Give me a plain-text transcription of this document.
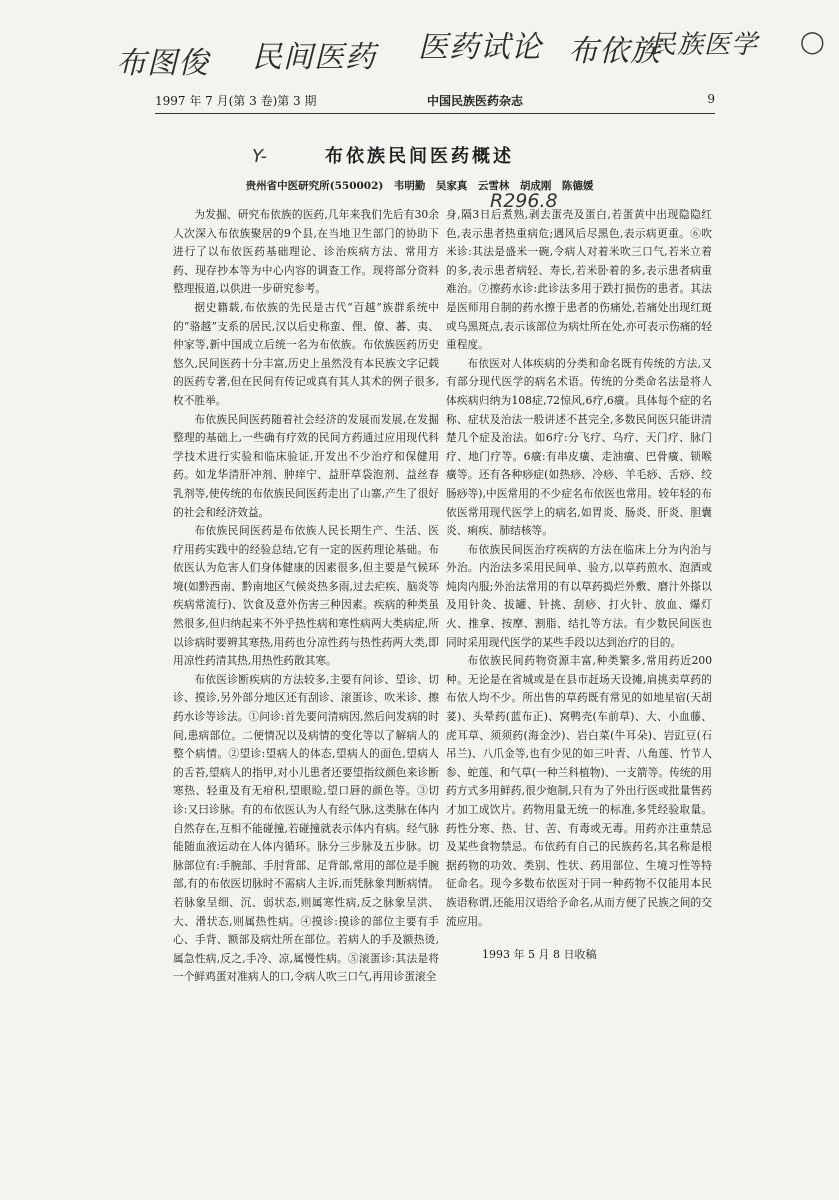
布图俊 民间医药 医药试论 布依族
民族医学 ◯
1997 年 7 月(第 3 卷)第 3 期	中国民族医药杂志	9
Y-	布依族民间医药概述
贵州省中医研究所(550002)　韦明勤　吴家真　云雪林　胡成刚　陈德媛
R296.8

为发掘、研究布依族的医药,几年来我们先后有30余人次深入布依族聚居的9个县,在当地卫生部门的协助下进行了以布依医药基础理论、诊治疾病方法、常用方药、现存抄本等为中心内容的调查工作。现将部分资料整理报道,以供进一步研究参考。

据史籍载,布依族的先民是古代“百越”族群系统中的“骆越”支系的居民,汉以后史称蛮、俚、僚、蕃、夷、仲家等,新中国成立后统一名为布依族。布依族医药历史悠久,民间医药十分丰富,历史上虽然没有本民族文字记载的医药专著,但在民间有传记或真有其人其术的例子很多,枚不胜举。

布依族民间医药随着社会经济的发展而发展,在发掘整理的基础上,一些确有疗效的民间方药通过应用现代科学技术进行实验和临床验证,开发出不少治疗和保健用药。如龙华清肝冲剂、肿痒宁、益肝草袋泡剂、益丝春乳剂等,使传统的布依族民间医药走出了山寨,产生了很好的社会和经济效益。

布依族民间医药是布依族人民长期生产、生活、医疗用药实践中的经验总结,它有一定的医药理论基础。布依医认为危害人们身体健康的因素很多,但主要是气候环境(如黔西南、黔南地区气候炎热多雨,过去疟疾、脑炎等疾病常流行)、饮食及意外伤害三种因素。疾病的种类虽然很多,但归纳起来不外乎热性病和寒性病两大类病症,所以诊病时要辨其寒热,用药也分凉性药与热性药两大类,即用凉性药清其热,用热性药散其寒。

布依医诊断疾病的方法较多,主要有问诊、望诊、切诊、摸诊,另外部分地区还有刮诊、滚蛋诊、吹米诊、擦药水诊等诊法。①问诊:首先要问清病因,然后问发病的时间,患病部位。二便情况以及病情的变化等以了解病人的整个病情。②望诊:望病人的体态,望病人的面色,望病人的舌苔,望病人的指甲,对小儿患者还要望指纹颜色来诊断寒热、轻重及有无疳积,望眼睑,望口唇的颜色等。③切诊:又曰诊脉。有的布依医认为人有经气脉,这类脉在体内自然存在,互相不能碰撞,若碰撞就表示体内有病。经气脉能随血液运动在人体内循环。脉分三步脉及五步脉。切脉部位有:手腕部、手肘背部、足背部,常用的部位是手腕部,有的布依医切脉时不需病人主诉,而凭脉象判断病情。若脉象呈细、沉、弱状态,则属寒性病,反之脉象呈洪、大、滑状态,则属热性病。④摸诊:摸诊的部位主要有手心、手背、额部及病灶所在部位。若病人的手及额热烫,属急性病,反之,手冷、凉,属慢性病。⑤滚蛋诊:其法是将一个鲜鸡蛋对准病人的口,令病人吹三口气,再用诊蛋滚全

身,隔3日后煮熟,剥去蛋壳及蛋白,若蛋黄中出现隐隐红色,表示患者热重病危;遇风后尽黑色,表示病更重。⑥吹米诊:其法是盛米一碗,令病人对着米吹三口气,若米立着的多,表示患者病轻、寿长,若米卧着的多,表示患者病重难治。⑦擦药水诊:此诊法多用于跌打损伤的患者。其法是医师用自制的药水擦于患者的伤痛处,若痛处出现红斑或乌黑斑点,表示该部位为病灶所在处,亦可表示伤痛的轻重程度。

布依医对人体疾病的分类和命名既有传统的方法,又有部分现代医学的病名术语。传统的分类命名法是将人体疾病归纳为108症,72惊风,6疗,6癀。具体每个症的名称、症状及治法一般讲述不甚完全,多数民间医只能讲清楚几个症及治法。如6疗:分飞疗、乌疗、天门疗、脉门疗、地门疗等。6癀:有串皮癀、走油癀、巴骨癀、锁喉癀等。还有各种痧症(如热痧、冷痧、羊毛痧、舌痧、绞肠痧等),中医常用的不少症名布依医也常用。较年轻的布依医常用现代医学上的病名,如胃炎、肠炎、肝炎、胆囊炎、痢疾、肺结核等。

布依族民间医治疗疾病的方法在临床上分为内治与外治。内治法多采用民间单、验方,以草药煎水、泡酒或炖肉内服;外治法常用的有以草药捣烂外敷、磨汁外搽以及用针灸、拔罐、针挑、刮痧、打火针、放血、爆灯火、推拿、按摩、割脂、结扎等方法。有少数民间医也同时采用现代医学的某些手段以达到治疗的目的。

布依族民间药物资源丰富,种类繁多,常用药近200种。无论是在省城或是在县市赶场天设摊,肩挑卖草药的布依人均不少。所出售的草药既有常见的如地星宿(天胡荽)、头晕药(蓝布正)、窝鸭壳(车前草)、大、小血藤、虎耳草、须须药(海金沙)、岩白菜(牛耳朵)、岩豇豆(石吊兰)、八爪金等,也有少见的如三叶青、八角莲、竹节人参、蛇莲、和气草(一种兰科植物)、一支箭等。传统的用药方式多用鲜药,很少炮制,只有为了外出行医或批量售药才加工成饮片。药物用量无统一的标准,多凭经验取量。药性分寒、热、甘、苦、有毒或无毒。用药亦注重禁忌及某些食物禁忌。布依药有自己的民族药名,其名称是根据药物的功效、类别、性状、药用部位、生境习性等特征命名。现今多数布依医对于同一种药物不仅能用本民族语称谓,还能用汉语给予命名,从而方便了民族之间的交流应用。

1993 年 5 月 8 日收稿
